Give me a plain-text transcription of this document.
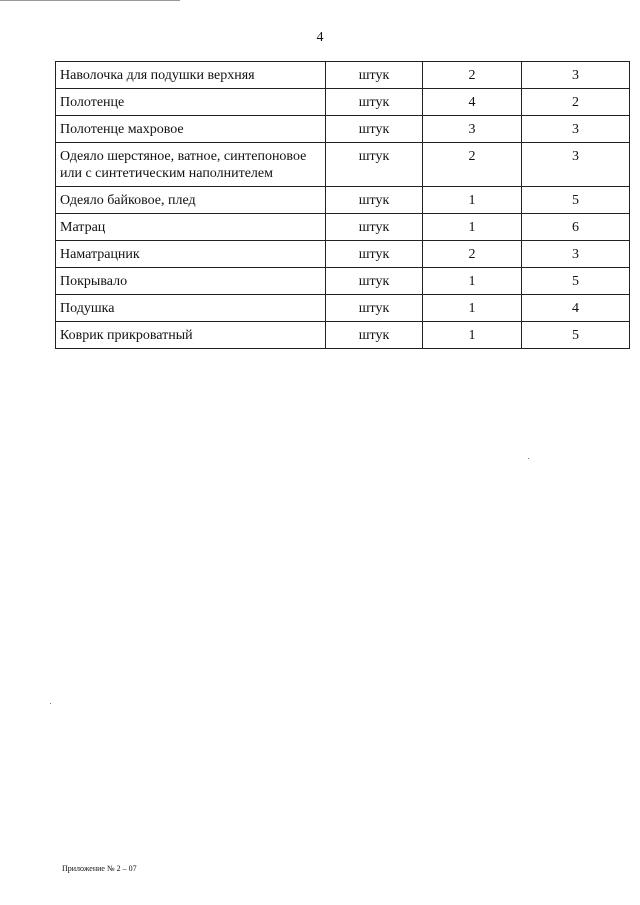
4
Наволочка для подушки верхняя	штук	2	3
Полотенце	штук	4	2
Полотенце махровое	штук	3	3
Одеяло шерстяное, ватное, синтепоновое или с синтетическим наполнителем	штук	2	3
Одеяло байковое, плед	штук	1	5
Матрац	штук	1	6
Наматрацник	штук	2	3
Покрывало	штук	1	5
Подушка	штук	1	4
Коврик прикроватный	штук	1	5
Приложение № 2 – 07
